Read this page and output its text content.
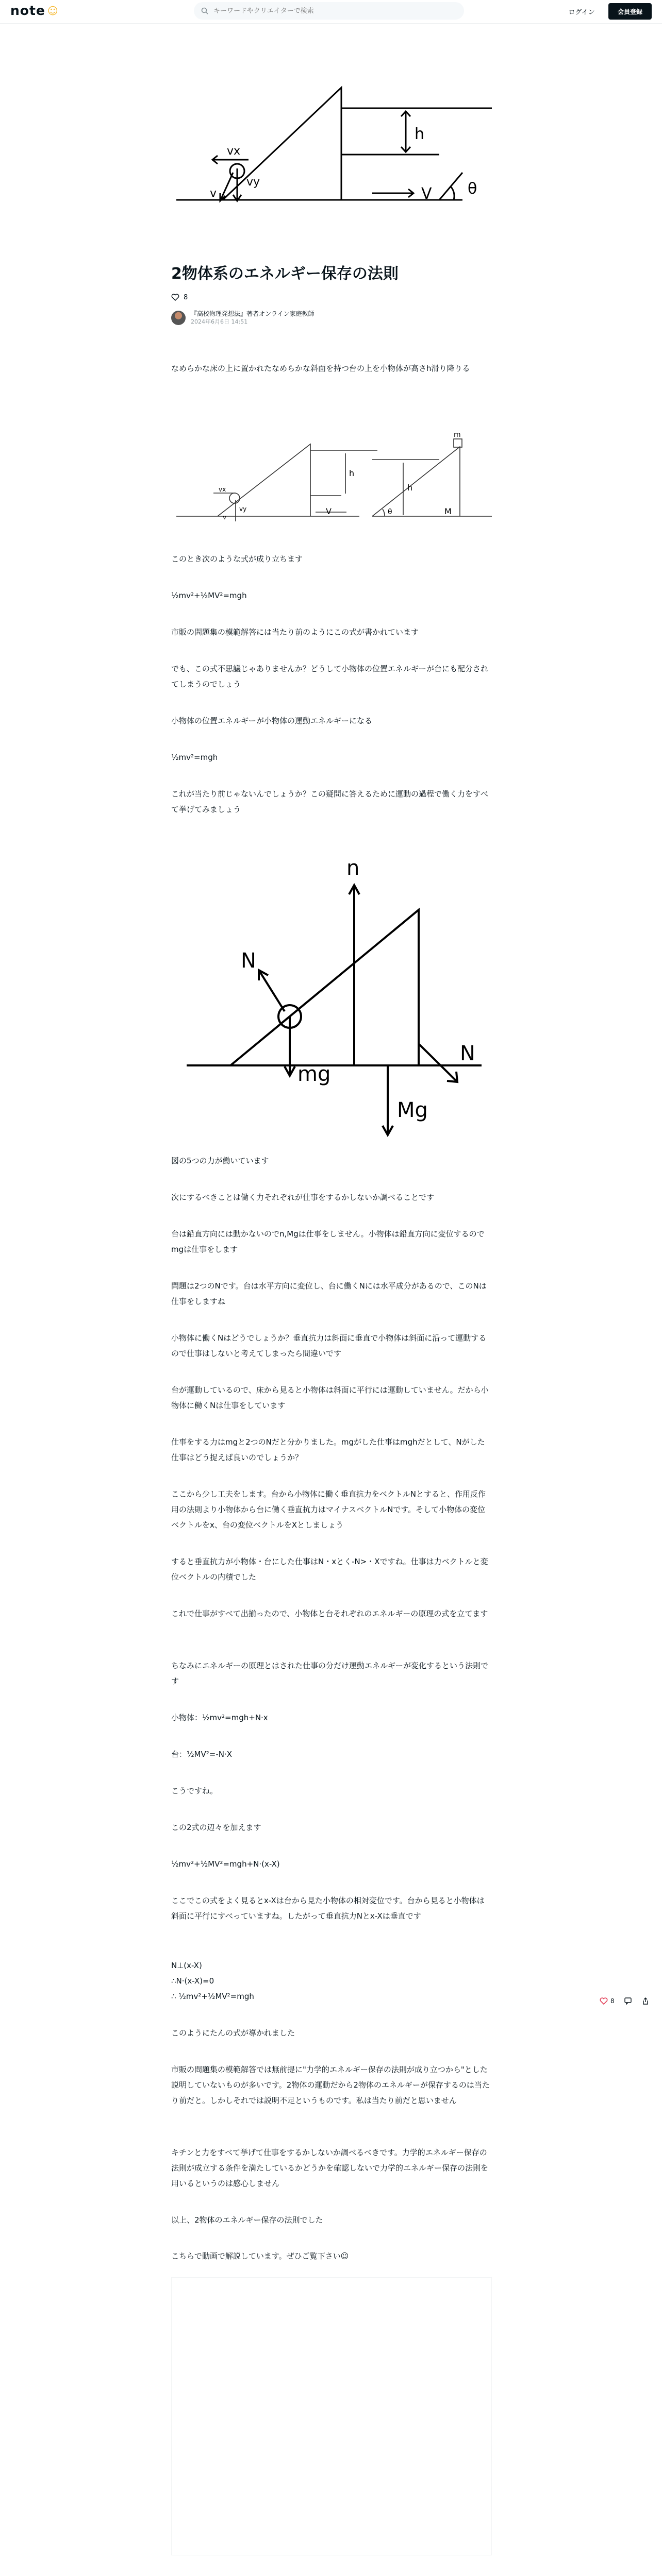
note ☺
キーワードやクリエイターで検索	ログイン	会員登録
vx
vy
v
h
V θ
2物体系のエネルギー保存の法則
8
『高校物理発想法』著者オンライン家庭教師
2024年6月6日 14:51

なめらかな床の上に置かれたなめらかな斜面を持つ台の上を小物体が高さh滑り降りる

vx
vy
v
h
V
h
θ
m
M

このとき次のような式が成り立ちます

½mv²+½MV²=mgh

市販の問題集の模範解答には当たり前のようにこの式が書かれています

でも、この式不思議じゃありませんか？どうして小物体の位置エネルギーが台にも配分されてしまうのでしょう

小物体の位置エネルギーが小物体の運動エネルギーになる

½mv²=mgh

これが当たり前じゃないんでしょうか？この疑問に答えるために運動の過程で働く力をすべて挙げてみましょう

n
N
mg
N
Mg

図の5つの力が働いています

次にするべきことは働く力それぞれが仕事をするかしないか調べることです

台は鉛直方向には動かないのでn,Mgは仕事をしません。小物体は鉛直方向に変位するのでmgは仕事をします

問題は2つのNです。台は水平方向に変位し、台に働くNには水平成分があるので、このNは仕事をしますね

小物体に働くNはどうでしょうか？垂直抗力は斜面に垂直で小物体は斜面に沿って運動するので仕事はしないと考えてしまったら間違いです

台が運動しているので、床から見ると小物体は斜面に平行には運動していません。だから小物体に働くNは仕事をしています

仕事をする力はmgと2つのNだと分かりました。mgがした仕事はmghだとして、Nがした仕事はどう捉えば良いのでしょうか？

ここから少し工夫をします。台から小物体に働く垂直抗力をベクトルNとすると、作用反作用の法則より小物体から台に働く垂直抗力はマイナスベクトルNです。そして小物体の変位ベクトルをx、台の変位ベクトルをXとしましょう

すると垂直抗力が小物体・台にした仕事はN・xとく-N>・Xですね。仕事は力ベクトルと変位ベクトルの内積でした

これで仕事がすべて出揃ったので、小物体と台それぞれのエネルギーの原理の式を立てます

ちなみにエネルギーの原理とはされた仕事の分だけ運動エネルギーが変化するという法則です

小物体：½mv²=mgh+N·x

台：½MV²=-N·X

こうですね。

この2式の辺々を加えます

½mv²+½MV²=mgh+N·(x-X)

ここでこの式をよく見るとx-Xは台から見た小物体の相対変位です。台から見ると小物体は斜面に平行にすべっていますね。したがって垂直抗力Nとx-Xは垂直です

N⊥(x-X)

∴N·(x-X)=0

∴ ½mv²+½MV²=mgh

このようにたんの式が導かれました

市販の問題集の模範解答では無前提に"力学的エネルギー保存の法則が成り立つから"とした説明していないものが多いです。2物体の運動だから2物体のエネルギーが保存するのは当たり前だと。しかしそれでは説明不足というものです。私は当たり前だと思いません

キチンと力をすべて挙げて仕事をするかしないか調べるべきです。力学的エネルギー保存の法則が成立する条件を満たしているかどうかを確認しないで力学的エネルギー保存の法則を用いるというのは感心しません

以上、2物体のエネルギー保存の法則でした

こちらで動画で解説しています。ぜひご覧下さい☺

8
